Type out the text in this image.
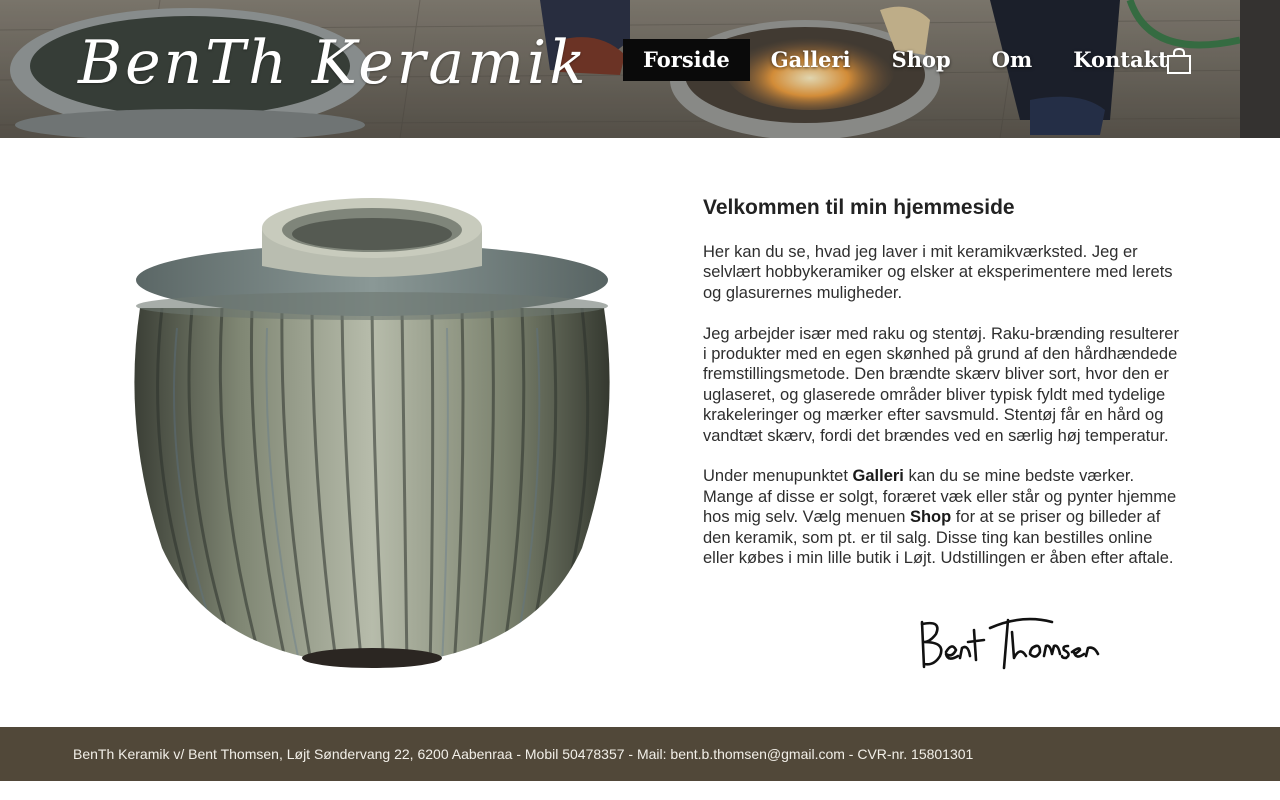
BenTh Keramik	Forside	Galleri	Shop	Om	Kontakt
Velkommen til min hjemmeside

Her kan du se, hvad jeg laver i mit keramikværksted. Jeg er selvlært hobbykeramiker og elsker at eksperimentere med lerets og glasurernes muligheder.

Jeg arbejder især med raku og stentøj. Raku-brænding resulterer i produkter med en egen skønhed på grund af den hårdhændede fremstillingsmetode. Den brændte skærv bliver sort, hvor den er uglaseret, og glaserede områder bliver typisk fyldt med tydelige krakeleringer og mærker efter savsmuld. Stentøj får en hård og vandtæt skærv, fordi det brændes ved en særlig høj temperatur.

Under menupunktet Galleri kan du se mine bedste værker. Mange af disse er solgt, foræret væk eller står og pynter hjemme hos mig selv. Vælg menuen Shop for at se priser og billeder af den keramik, som pt. er til salg. Disse ting kan bestilles online eller købes i min lille butik i Løjt. Udstillingen er åben efter aftale.

BenTh Keramik v/ Bent Thomsen, Løjt Søndervang 22, 6200 Aabenraa - Mobil 50478357 - Mail: bent.b.thomsen@gmail.com - CVR-nr. 15801301
